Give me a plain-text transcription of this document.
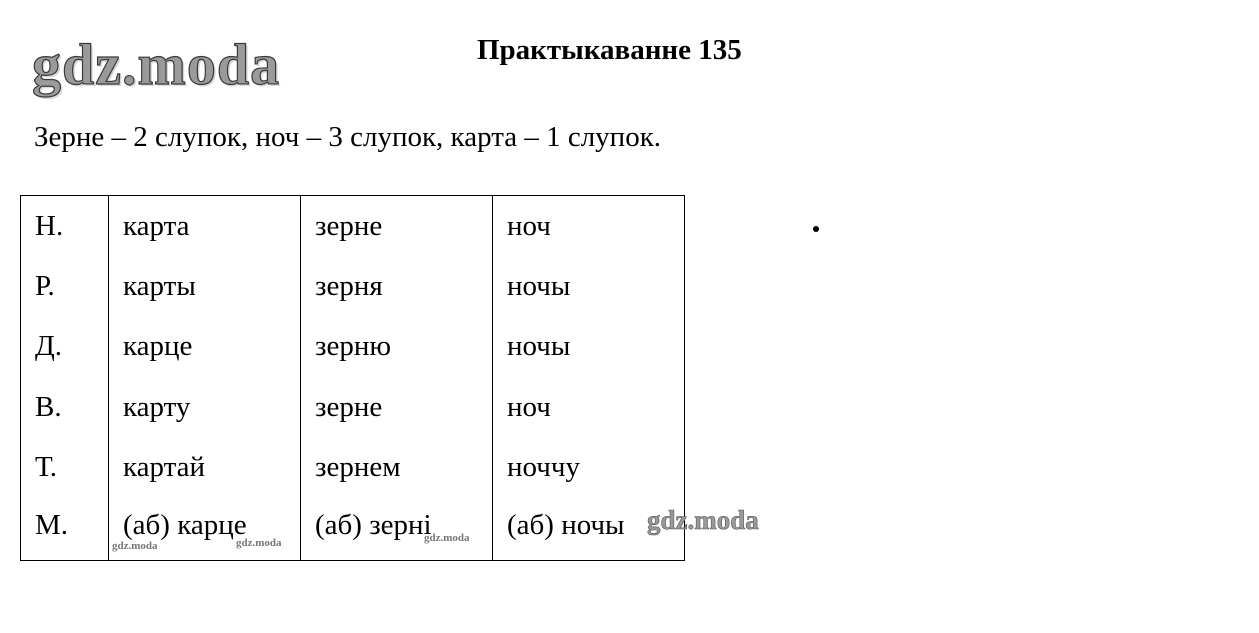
gdz.moda	Практыкаванне 135
Зерне – 2 слупок, ноч – 3 слупок, карта – 1 слупок.
Н.	карта	зерне	ноч
Р.	карты	зерня	ночы
Д.	карце	зерню	ночы
В.	карту	зерне	ноч
Т.	картай	зернем	ноччу
М.	(аб) карце	(аб) зерні	(аб) ночы
gdz.moda	gdz.moda	gdz.moda
gdz.moda
